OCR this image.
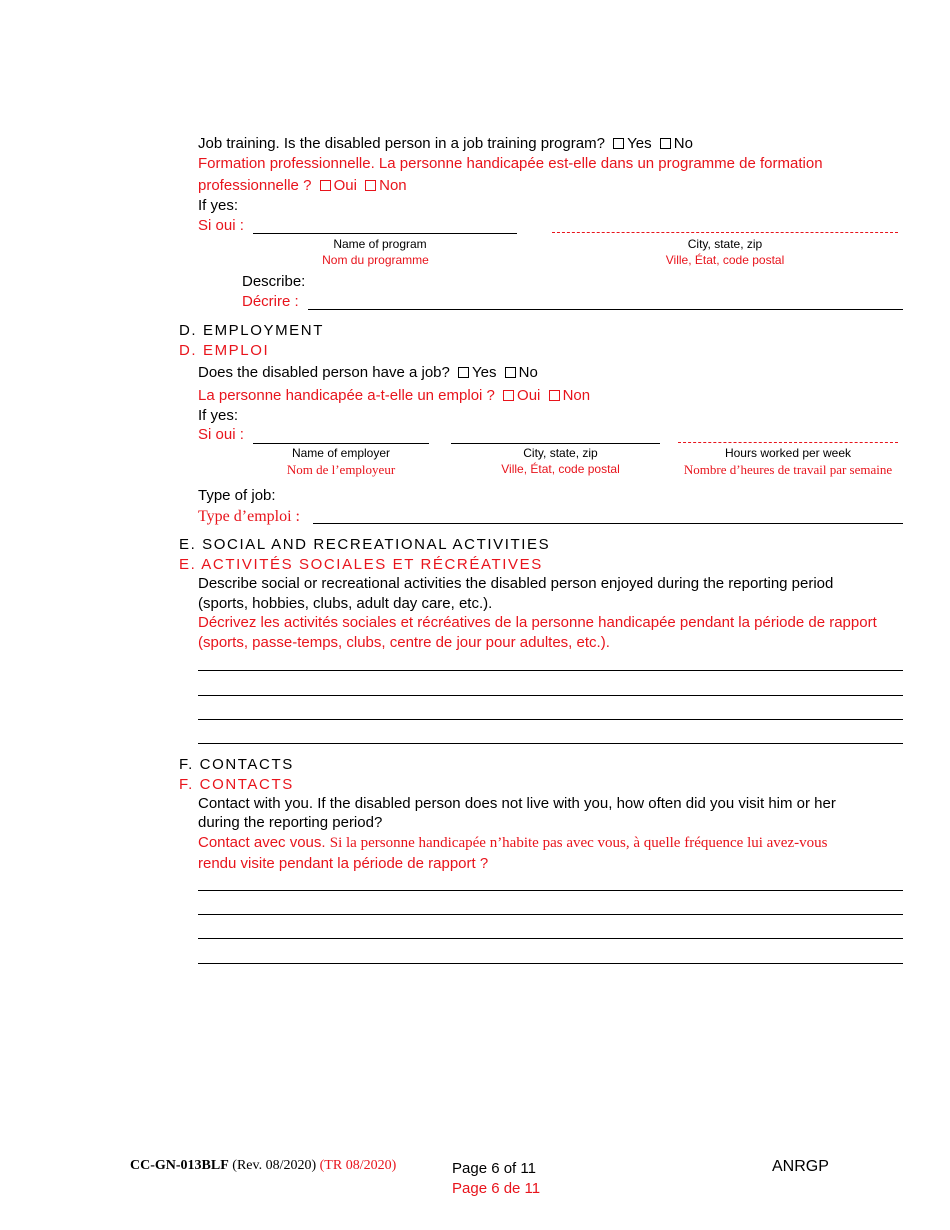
Job training. Is the disabled person in a job training program? Yes No
Formation professionnelle. La personne handicapée est-elle dans un programme de formation
professionnelle ? Oui Non
If yes:
Si oui :
Name of program
Nom du programme
City, state, zip
Ville, État, code postal
Describe:
Décrire :
D. EMPLOYMENT
D. EMPLOI
Does the disabled person have a job? Yes No
La personne handicapée a-t-elle un emploi ? Oui Non
If yes:
Si oui :
Name of employer
Nom de l’employeur
City, state, zip
Ville, État, code postal
Hours worked per week
Nombre d’heures de travail par semaine
Type of job:
Type d’emploi :
E. SOCIAL AND RECREATIONAL ACTIVITIES
E. ACTIVITÉS SOCIALES ET RÉCRÉATIVES
Describe social or recreational activities the disabled person enjoyed during the reporting period
(sports, hobbies, clubs, adult day care, etc.).
Décrivez les activités sociales et récréatives de la personne handicapée pendant la période de rapport
(sports, passe-temps, clubs, centre de jour pour adultes, etc.).
F. CONTACTS
F. CONTACTS
Contact with you. If the disabled person does not live with you, how often did you visit him or her
during the reporting period?
Contact avec vous. Si la personne handicapée n’habite pas avec vous, à quelle fréquence lui avez-vous
rendu visite pendant la période de rapport ?
CC-GN-013BLF (Rev. 08/2020) (TR 08/2020)	Page 6 of 11
Page 6 de 11
ANRGP
